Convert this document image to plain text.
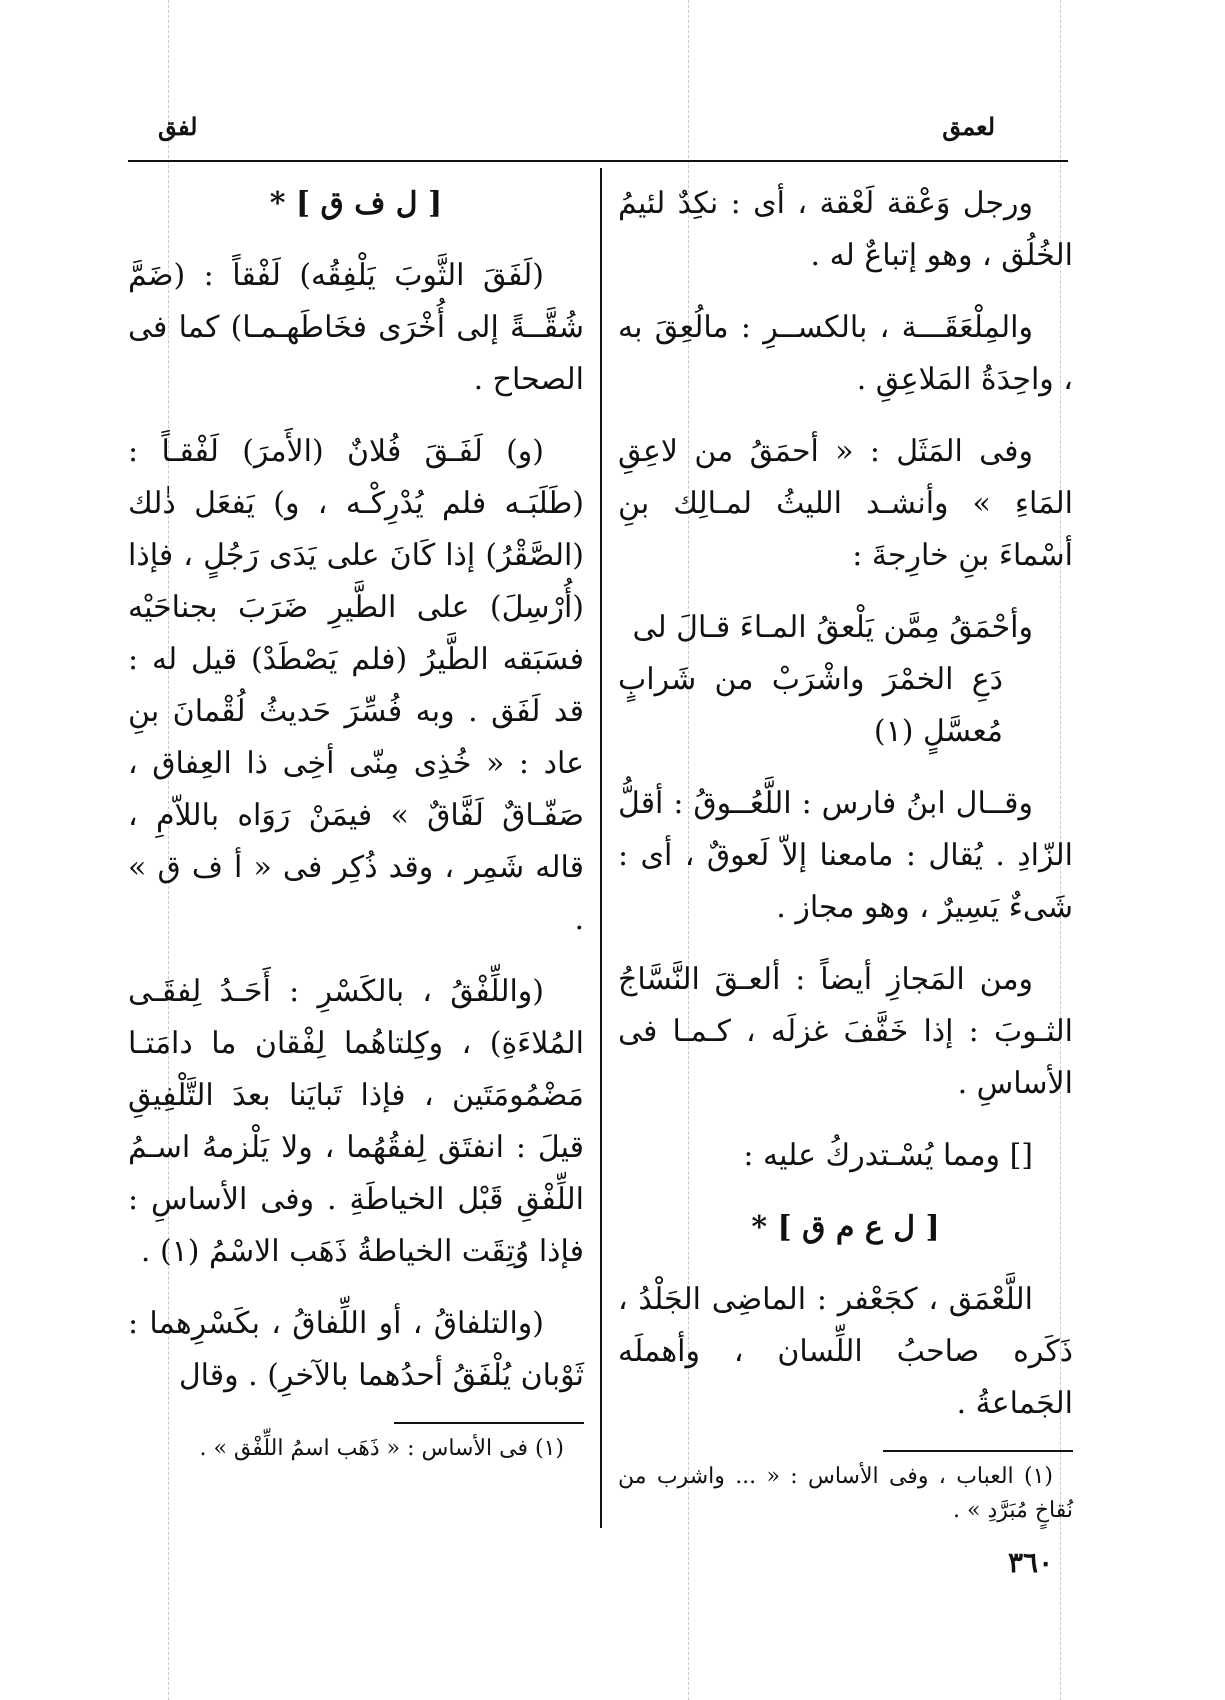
لعمق
لفق

ورجل وَعْقة لَعْقة ، أى : نكِدٌ لئيمُ الخُلُق ، وهو إتباعٌ له .

والمِلْعَقَـــة ، بالكســرِ : مالُعِقَ به ، واحِدَةُ المَلاعِقِ .

وفى المَثَل : « أحمَقُ من لاعِقِ المَاءِ » وأنشـد الليثُ لمـالِك بنِ أسْماءَ بنِ خارِجةَ :

وأحْمَقُ مِمَّن يَلْعقُ المـاءَ قـالَ لى

دَعِ الخمْرَ واشْرَبْ من شَرابٍ مُعسَّلٍ (١)

وقــال ابنُ فارس : اللَّعُــوقُ : أقلُّ الزّادِ . يُقال : مامعنا إلاّ لَعوقٌ ، أى : شَىءٌ يَسِيرٌ ، وهو مجاز .

ومن المَجازِ أيضاً : ألعـقَ النَّسَّاجُ الثـوبَ : إذا خَفَّفَ غزلَه ، كـمـا فى الأساسِ .

[] ومما يُسْـتدركُ عليه :

[ ل ع م ق ] *

اللَّعْمَق ، كجَعْفر : الماضِى الجَلْدُ ، ذَكَره صاحبُ اللِّسان ، وأهملَه الجَماعةُ .

(١) العباب ، وفى الأساس : « ... واشرب من نُقاخٍ مُبَرَّدِ » .

[ ل ف ق ] *

(لَفَقَ الثَّوبَ يَلْفِقُه) لَفْقاً : (ضَمَّ شُقَّــةً إلى أُخْرَى فخَاطَهـمـا) كما فى الصحاح .

(و) لَفَـقَ فُلانٌ (الأَمرَ) لَفْقـاً : (طَلَبَـه فلم يُدْرِكْـه ، و) يَفعَل ذٰلك (الصَّقْرُ) إذا كَانَ على يَدَى رَجُلٍ ، فإذا (أُرْسِلَ) على الطَّيرِ ضَرَبَ بجناحَيْه فسَبَقه الطَّيرُ (فلم يَصْطَدْ) قيل له : قد لَفَق . وبه فُسِّرَ حَديثُ لُقْمانَ بنِ عاد : « خُذِى مِنّى أخِى ذا العِفاق ، صَفّـاقٌ لَفَّاقٌ » فيمَنْ رَوَاه باللاّمِ ، قاله شَمِر ، وقد ذُكِر فى « أ ف ق » .

(واللِّفْقُ ، بالكَسْرِ : أَحَـدُ لِفقَـى المُلاءَةِ) ، وكِلتاهُما لِفْقان ما دامَتـا مَضْمُومَتَين ، فإذا تَبايَنا بعدَ التَّلْفِيقِ قيلَ : انفتَق لِفقُهُما ، ولا يَلْزمهُ اسـمُ اللِّفْقِ قَبْل الخياطَةِ . وفى الأساسِ : فإذا وُتِقَت الخياطةُ ذَهَب الاسْمُ (١) .

(والتلفاقُ ، أو اللِّفاقُ ، بكَسْرِهما : ثَوْبان يُلْفَقُ أحدُهما بالآخرِ) . وقال

(١) فى الأساس : « ذَهَب اسمُ اللِّفْق » .

٣٦٠
